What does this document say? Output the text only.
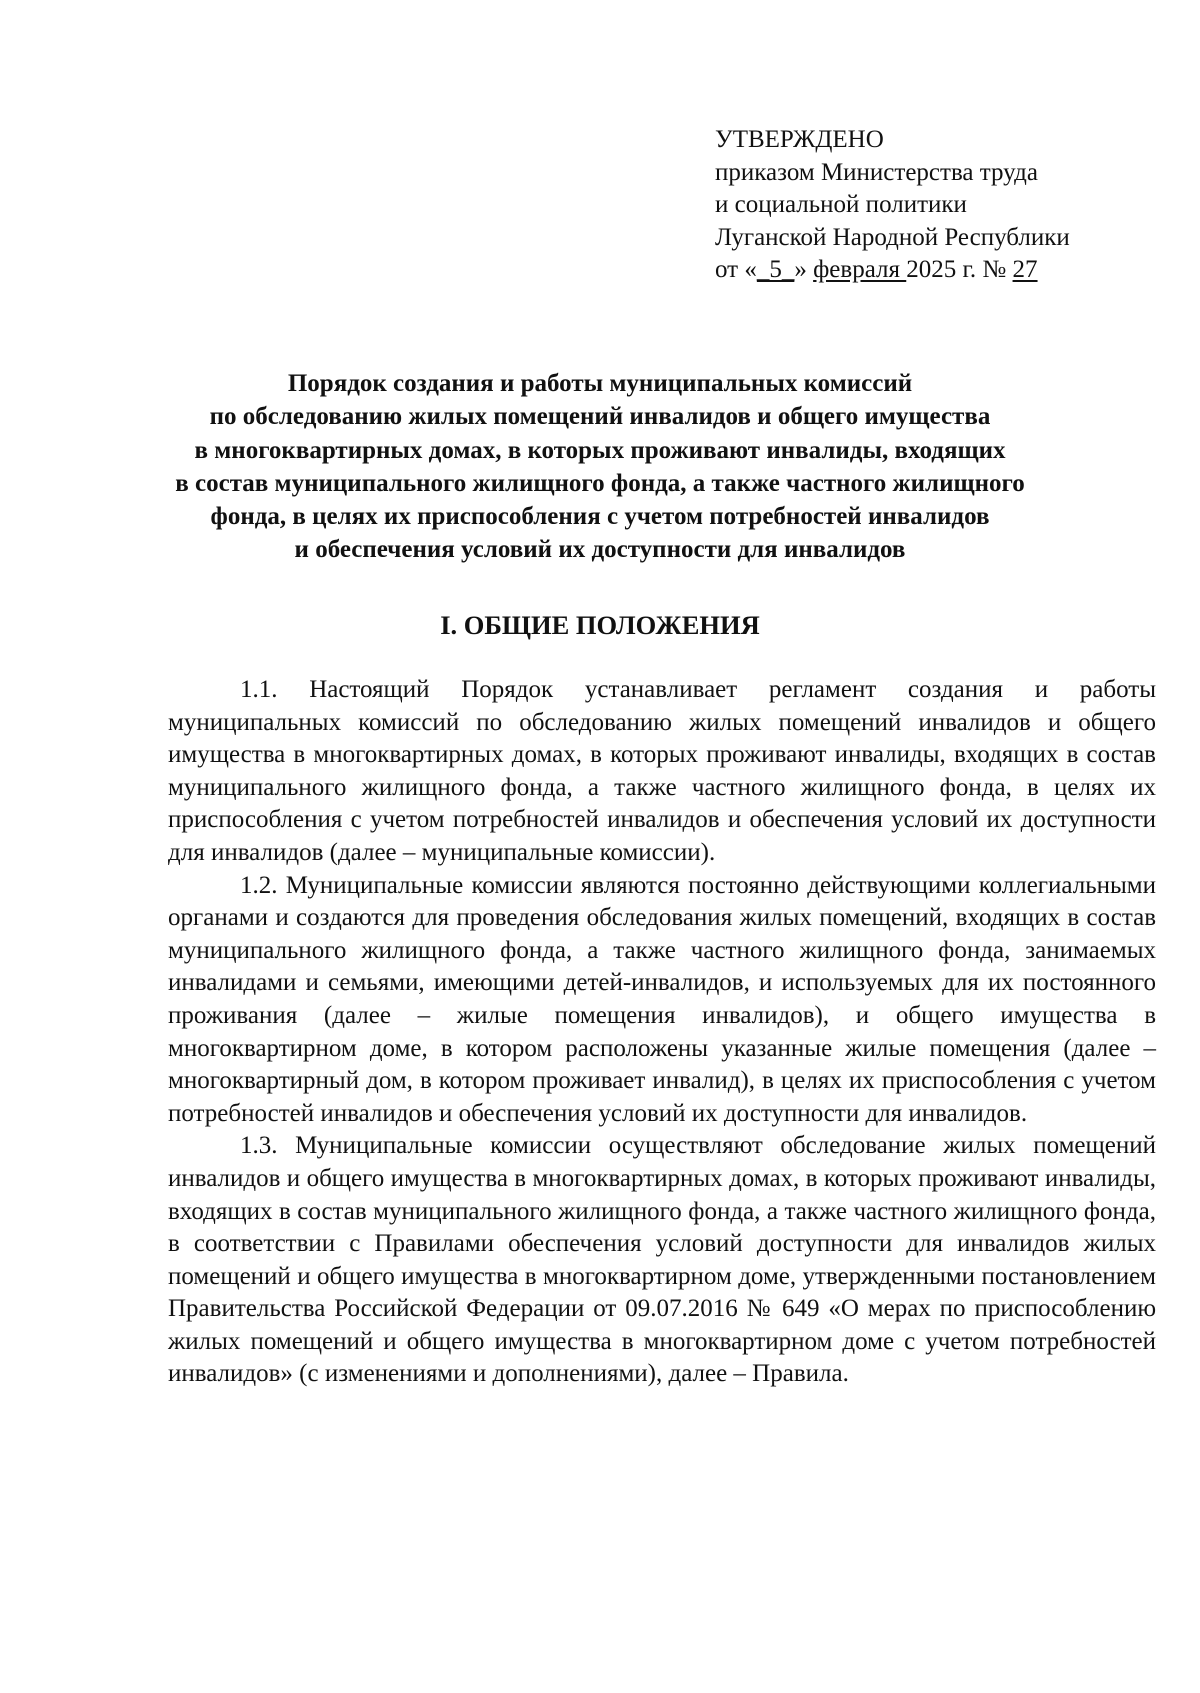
УТВЕРЖДЕНО
приказом Министерства труда
и социальной политики
Луганской Народной Республики
от «_5_» февраля 2025 г. № 27
Порядок создания и работы муниципальных комиссий
по обследованию жилых помещений инвалидов и общего имущества
в многоквартирных домах, в которых проживают инвалиды, входящих
в состав муниципального жилищного фонда, а также частного жилищного
фонда, в целях их приспособления с учетом потребностей инвалидов
и обеспечения условий их доступности для инвалидов
I. ОБЩИЕ ПОЛОЖЕНИЯ

1.1. Настоящий Порядок устанавливает регламент создания и работы муниципальных комиссий по обследованию жилых помещений инвалидов и общего имущества в многоквартирных домах, в которых проживают инвалиды, входящих в состав муниципального жилищного фонда, а также частного жилищного фонда, в целях их приспособления с учетом потребностей инвалидов и обеспечения условий их доступности для инвалидов (далее – муниципальные комиссии).

1.2. Муниципальные комиссии являются постоянно действующими коллегиальными органами и создаются для проведения обследования жилых помещений, входящих в состав муниципального жилищного фонда, а также частного жилищного фонда, занимаемых инвалидами и семьями, имеющими детей-инвалидов, и используемых для их постоянного проживания (далее – жилые помещения инвалидов), и общего имущества в многоквартирном доме, в котором расположены указанные жилые помещения (далее – многоквартирный дом, в котором проживает инвалид), в целях их приспособления с учетом потребностей инвалидов и обеспечения условий их доступности для инвалидов.

1.3. Муниципальные комиссии осуществляют обследование жилых помещений инвалидов и общего имущества в многоквартирных домах, в которых проживают инвалиды, входящих в состав муниципального жилищного фонда, а также частного жилищного фонда, в соответствии с Правилами обеспечения условий доступности для инвалидов жилых помещений и общего имущества в многоквартирном доме, утвержденными постановлением Правительства Российской Федерации от 09.07.2016 № 649 «О мерах по приспособлению жилых помещений и общего имущества в многоквартирном доме с учетом потребностей инвалидов» (с изменениями и дополнениями), далее – Правила.
